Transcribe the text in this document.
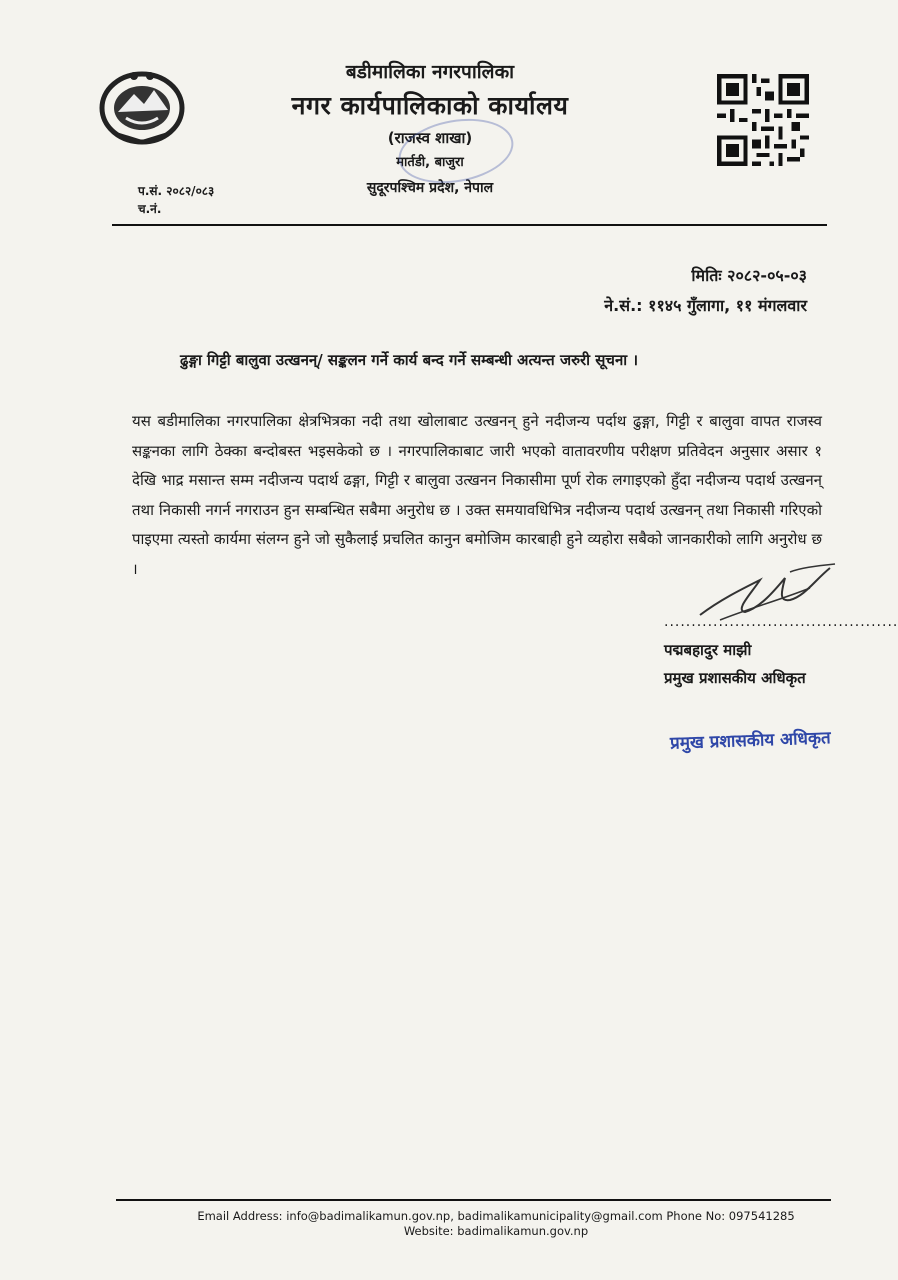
बडीमालिका नगरपालिका
नगर कार्यपालिकाको कार्यालय
(राजस्व शाखा)
मार्तडी, बाजुरा
सुदूरपश्चिम प्रदेश, नेपाल
प.सं. २०८२/०८३
च.नं.
मितिः २०८२-०५-०३
ने.सं.: ११४५ गुँलागा, ११ मंगलवार
ढुङ्गा गिट्टी बालुवा उत्खनन्/ सङ्कलन गर्ने कार्य बन्द गर्ने सम्बन्धी अत्यन्त जरुरी सूचना ।
यस बडीमालिका नगरपालिका क्षेत्रभित्रका नदी तथा खोलाबाट उत्खनन् हुने नदीजन्य पर्दाथ ढुङ्गा, गिट्टी र बालुवा वापत राजस्व सङ्कनका लागि ठेक्का बन्दोबस्त भइसकेको छ । नगरपालिकाबाट जारी भएको वातावरणीय परीक्षण प्रतिवेदन अनुसार असार १ देखि भाद्र मसान्त सम्म नदीजन्य पदार्थ ढङ्गा, गिट्टी र बालुवा उत्खनन निकासीमा पूर्ण रोक लगाइएको हुँदा नदीजन्य पदार्थ उत्खनन् तथा निकासी नगर्न नगराउन हुन सम्बन्धित सबैमा अनुरोध छ । उक्त समयावधिभित्र नदीजन्य पदार्थ उत्खनन् तथा निकासी गरिएको पाइएमा त्यस्तो कार्यमा संलग्न हुने जो सुकैलाई प्रचलित कानुन बमोजिम कारबाही हुने व्यहोरा सबैको जानकारीको लागि अनुरोध छ ।
...........................................
पद्मबहादुर माझी
प्रमुख प्रशासकीय अधिकृत
प्रमुख प्रशासकीय अधिकृत
Email Address: info@badimalikamun.gov.np, badimalikamunicipality@gmail.com Phone No: 097541285
Website: badimalikamun.gov.np
